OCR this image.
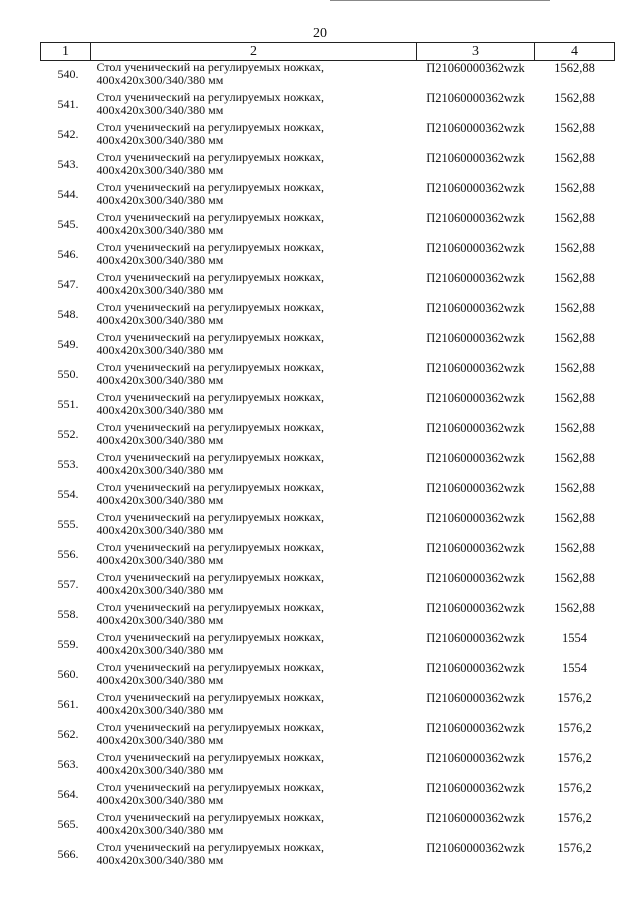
20
1	2	3	4
540.	Стол ученический на регулируемых ножках,
400x420x300/340/380 мм	П21060000362wzk	1562,88
541.	Стол ученический на регулируемых ножках,
400x420x300/340/380 мм	П21060000362wzk	1562,88
542.	Стол ученический на регулируемых ножках,
400x420x300/340/380 мм	П21060000362wzk	1562,88
543.	Стол ученический на регулируемых ножках,
400x420x300/340/380 мм	П21060000362wzk	1562,88
544.	Стол ученический на регулируемых ножках,
400x420x300/340/380 мм	П21060000362wzk	1562,88
545.	Стол ученический на регулируемых ножках,
400x420x300/340/380 мм	П21060000362wzk	1562,88
546.	Стол ученический на регулируемых ножках,
400x420x300/340/380 мм	П21060000362wzk	1562,88
547.	Стол ученический на регулируемых ножках,
400x420x300/340/380 мм	П21060000362wzk	1562,88
548.	Стол ученический на регулируемых ножках,
400x420x300/340/380 мм	П21060000362wzk	1562,88
549.	Стол ученический на регулируемых ножках,
400x420x300/340/380 мм	П21060000362wzk	1562,88
550.	Стол ученический на регулируемых ножках,
400x420x300/340/380 мм	П21060000362wzk	1562,88
551.	Стол ученический на регулируемых ножках,
400x420x300/340/380 мм	П21060000362wzk	1562,88
552.	Стол ученический на регулируемых ножках,
400x420x300/340/380 мм	П21060000362wzk	1562,88
553.	Стол ученический на регулируемых ножках,
400x420x300/340/380 мм	П21060000362wzk	1562,88
554.	Стол ученический на регулируемых ножках,
400x420x300/340/380 мм	П21060000362wzk	1562,88
555.	Стол ученический на регулируемых ножках,
400x420x300/340/380 мм	П21060000362wzk	1562,88
556.	Стол ученический на регулируемых ножках,
400x420x300/340/380 мм	П21060000362wzk	1562,88
557.	Стол ученический на регулируемых ножках,
400x420x300/340/380 мм	П21060000362wzk	1562,88
558.	Стол ученический на регулируемых ножках,
400x420x300/340/380 мм	П21060000362wzk	1562,88
559.	Стол ученический на регулируемых ножках,
400x420x300/340/380 мм	П21060000362wzk	1554
560.	Стол ученический на регулируемых ножках,
400x420x300/340/380 мм	П21060000362wzk	1554
561.	Стол ученический на регулируемых ножках,
400x420x300/340/380 мм	П21060000362wzk	1576,2
562.	Стол ученический на регулируемых ножках,
400x420x300/340/380 мм	П21060000362wzk	1576,2
563.	Стол ученический на регулируемых ножках,
400x420x300/340/380 мм	П21060000362wzk	1576,2
564.	Стол ученический на регулируемых ножках,
400x420x300/340/380 мм	П21060000362wzk	1576,2
565.	Стол ученический на регулируемых ножках,
400x420x300/340/380 мм	П21060000362wzk	1576,2
566.	Стол ученический на регулируемых ножках,
400x420x300/340/380 мм	П21060000362wzk	1576,2
